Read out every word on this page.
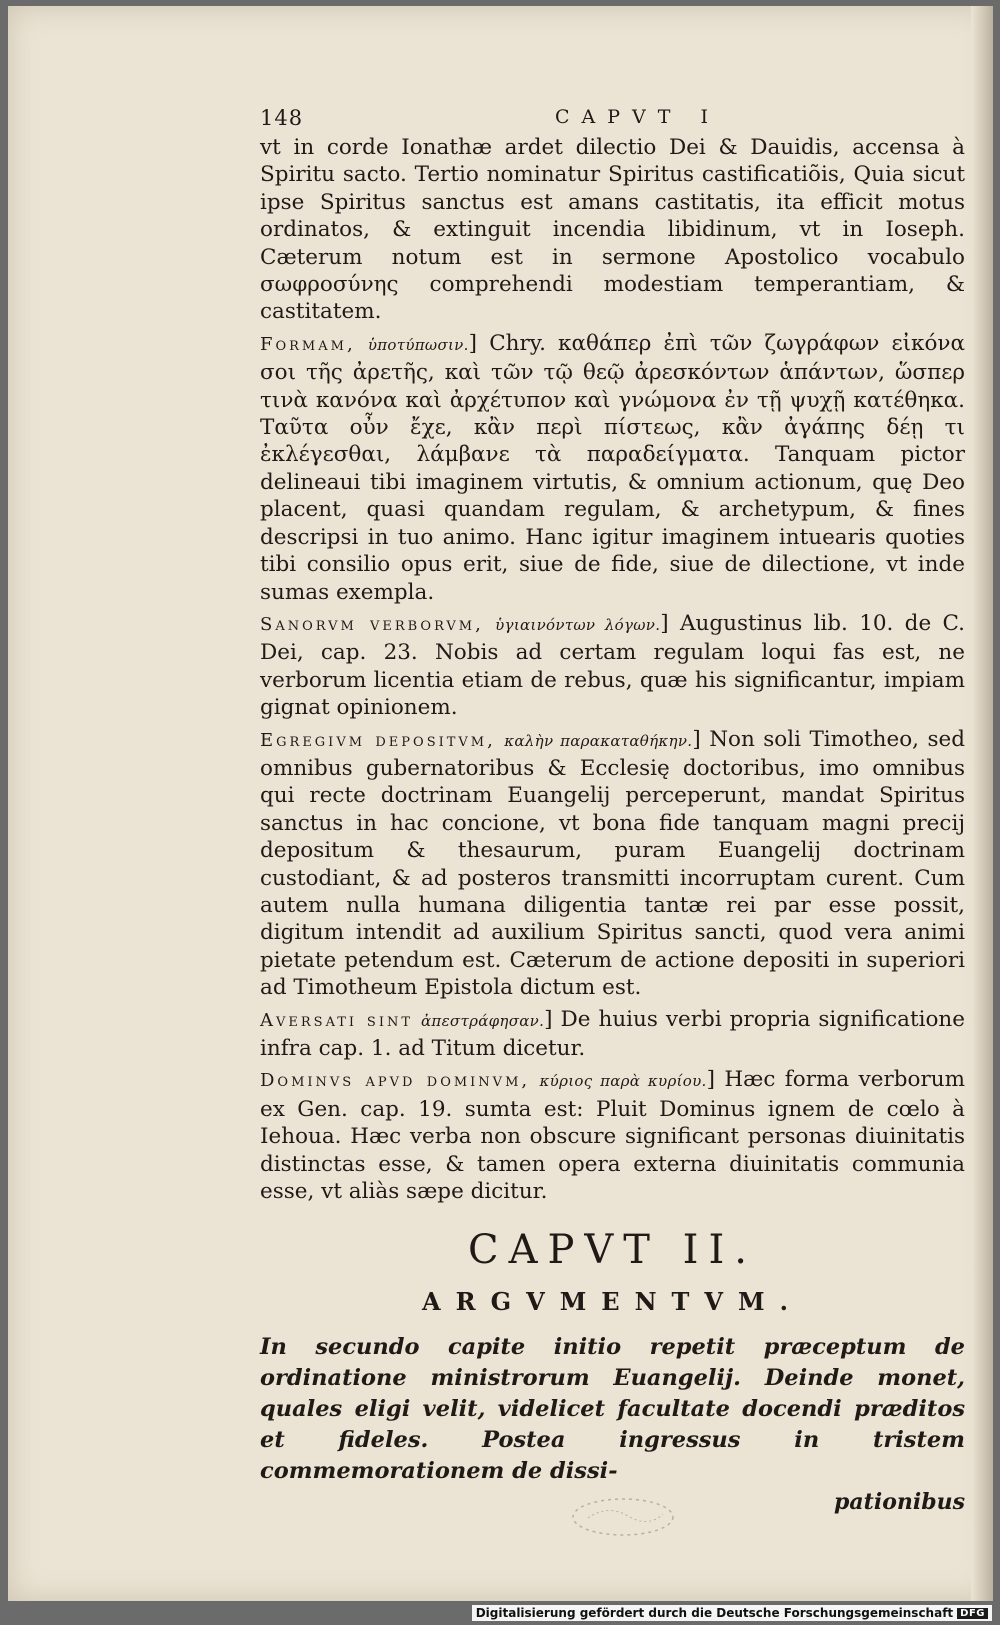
148	CAPVT I

vt in corde Ionathæ ardet dilectio Dei & Dauidis, accensa à Spiritu sacto. Tertio nominatur Spiritus castificatiõis, Quia sicut ipse Spiritus sanctus est amans castitatis, ita efficit motus ordinatos, & extinguit incendia libidinum, vt in Ioseph. Cæterum notum est in sermone Apostolico vocabulo σωφροσύνης comprehendi modestiam temperantiam, & castitatem.

Formam, ὑποτύπωσιν.] Chry. καθάπερ ἐπὶ τῶν ζωγράφων εἰκόνα σοι τῆς ἀρετῆς, καὶ τῶν τῷ θεῷ ἀρεσκόντων ἁπάντων, ὥσπερ τινὰ κανόνα καὶ ἀρχέτυπον καὶ γνώμονα ἐν τῇ ψυχῇ κατέθηκα. Ταῦτα οὖν ἔχε, κἂν περὶ πίστεως, κἂν ἀγάπης δέῃ τι ἐκλέγεσθαι, λάμβανε τὰ παραδείγματα. Tanquam pictor delineaui tibi imaginem virtutis, & omnium actionum, quę Deo placent, quasi quandam regulam, & archetypum, & fines descripsi in tuo animo. Hanc igitur imaginem intuearis quoties tibi consilio opus erit, siue de fide, siue de dilectione, vt inde sumas exempla.

Sanorvm verborvm, ὑγιαινόντων λόγων.] Augustinus lib. 10. de C. Dei, cap. 23. Nobis ad certam regulam loqui fas est, ne verborum licentia etiam de rebus, quæ his significantur, impiam gignat opinionem.

Egregivm depositvm, καλὴν παρακαταθήκην.] Non soli Timotheo, sed omnibus gubernatoribus & Ecclesię doctoribus, imo omnibus qui recte doctrinam Euangelij perceperunt, mandat Spiritus sanctus in hac concione, vt bona fide tanquam magni precij depositum & thesaurum, puram Euangelij doctrinam custodiant, & ad posteros transmitti incorruptam curent. Cum autem nulla humana diligentia tantæ rei par esse possit, digitum intendit ad auxilium Spiritus sancti, quod vera animi pietate petendum est. Cæterum de actione depositi in superiori ad Timotheum Epistola dictum est.

Aversati sint ἀπεστράφησαν.] De huius verbi propria significatione infra cap. 1. ad Titum dicetur.

Dominvs apvd dominvm, κύριος παρὰ κυρίου.] Hæc forma verborum ex Gen. cap. 19. sumta est: Pluit Dominus ignem de cœlo à Iehoua. Hæc verba non obscure significant personas diuinitatis distinctas esse, & tamen opera externa diuinitatis communia esse, vt aliàs sæpe dicitur.

CAPVT II.
ARGVMENTVM.

In secundo capite initio repetit præceptum de ordinatione ministrorum Euangelij. Deinde monet, quales eligi velit, videlicet facultate docendi præditos et fideles. Postea ingressus in tristem commemorationem de dissi-

pationibus

Digitalisierung gefördert durch die Deutsche Forschungsgemeinschaft DFG
